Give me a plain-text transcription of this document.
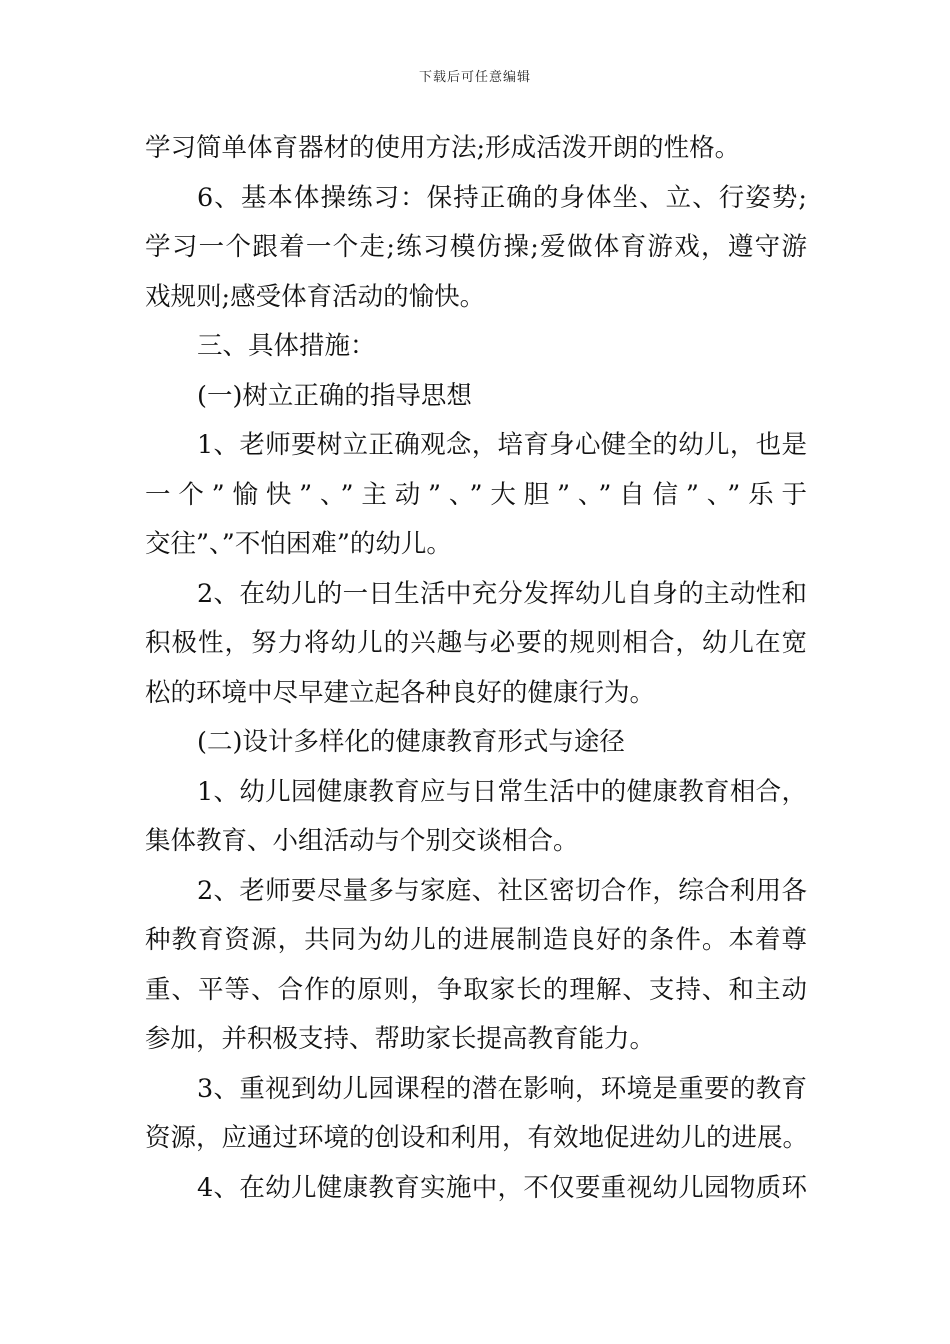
下载后可任意编辑
学习简单体育器材的使用方法;形成活泼开朗的性格。
6、基本体操练习：保持正确的身体坐、立、行姿势;
学习一个跟着一个走;练习模仿操;爱做体育游戏，遵守游
戏规则;感受体育活动的愉快。
三、具体措施：
(一)树立正确的指导思想
1、老师要树立正确观念，培育身心健全的幼儿，也是
一个”愉快”、”主动”、”大胆”、”自信”、”乐于
交往”、”不怕困难”的幼儿。
2、在幼儿的一日生活中充分发挥幼儿自身的主动性和
积极性，努力将幼儿的兴趣与必要的规则相合，幼儿在宽
松的环境中尽早建立起各种良好的健康行为。
(二)设计多样化的健康教育形式与途径
1、幼儿园健康教育应与日常生活中的健康教育相合，
集体教育、小组活动与个别交谈相合。
2、老师要尽量多与家庭、社区密切合作，综合利用各
种教育资源，共同为幼儿的进展制造良好的条件。本着尊
重、平等、合作的原则，争取家长的理解、支持、和主动
参加，并积极支持、帮助家长提高教育能力。
3、重视到幼儿园课程的潜在影响，环境是重要的教育
资源，应通过环境的创设和利用，有效地促进幼儿的进展。
4、在幼儿健康教育实施中，不仅要重视幼儿园物质环
